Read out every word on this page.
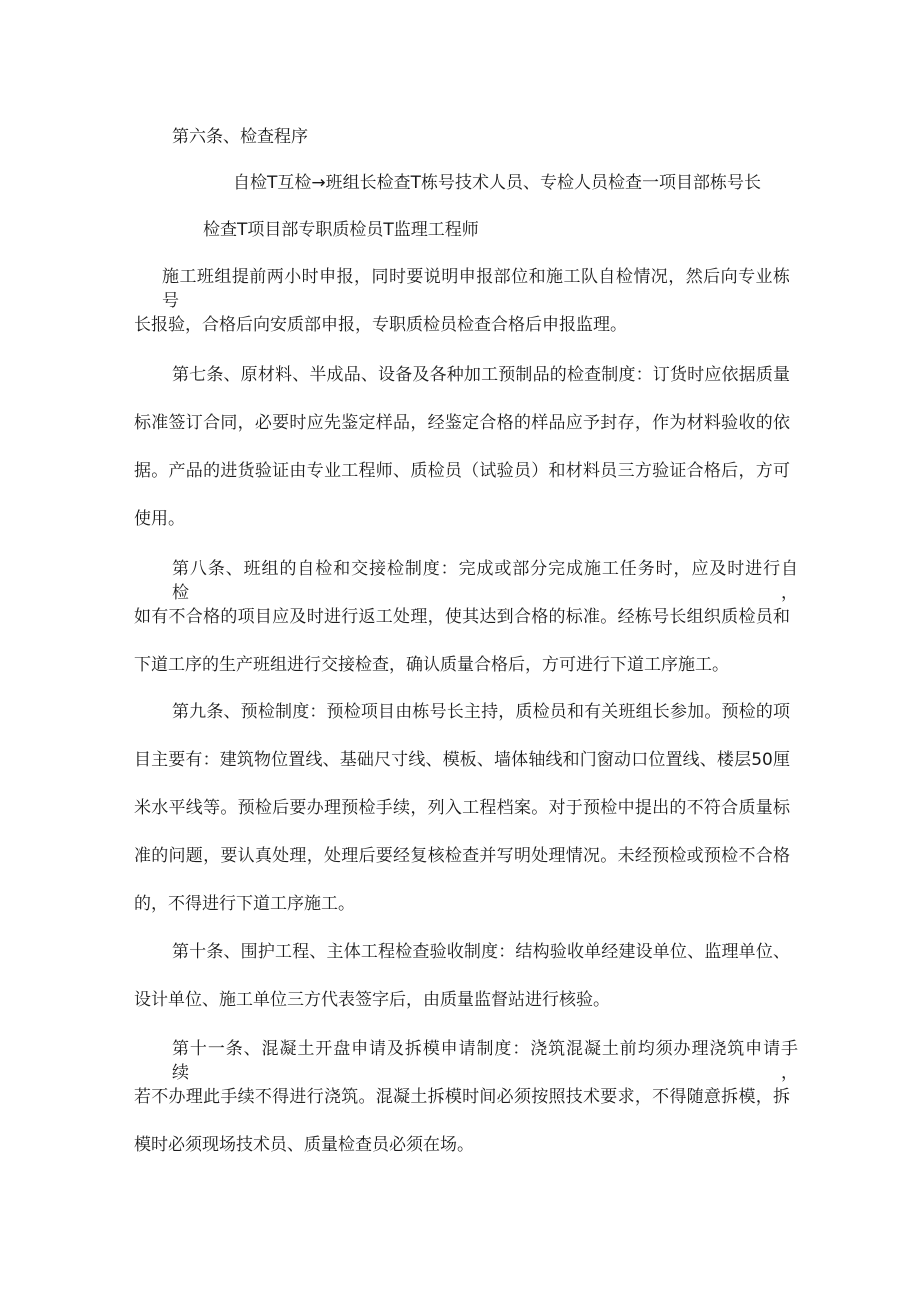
第六条、检查程序
自检T互检→班组长检查T栋号技术人员、专检人员检查一项目部栋号长
检查T项目部专职质检员T监理工程师
施工班组提前两小时申报，同时要说明申报部位和施工队自检情况，然后向专业栋号
长报验，合格后向安质部申报，专职质检员检查合格后申报监理。
第七条、原材料、半成品、设备及各种加工预制品的检查制度：订货时应依据质量
标准签订合同，必要时应先鉴定样品，经鉴定合格的样品应予封存，作为材料验收的依
据。产品的进货验证由专业工程师、质检员（试验员）和材料员三方验证合格后，方可
使用。
第八条、班组的自检和交接检制度：完成或部分完成施工任务时，应及时进行自检，
如有不合格的项目应及时进行返工处理，使其达到合格的标准。经栋号长组织质检员和
下道工序的生产班组进行交接检查，确认质量合格后，方可进行下道工序施工。
第九条、预检制度：预检项目由栋号长主持，质检员和有关班组长参加。预检的项
目主要有：建筑物位置线、基础尺寸线、模板、墙体轴线和门窗动口位置线、楼层50厘
米水平线等。预检后要办理预检手续，列入工程档案。对于预检中提出的不符合质量标
准的问题，要认真处理，处理后要经复核检查并写明处理情况。未经预检或预检不合格
的，不得进行下道工序施工。
第十条、围护工程、主体工程检查验收制度：结构验收单经建设单位、监理单位、
设计单位、施工单位三方代表签字后，由质量监督站进行核验。
第十一条、混凝土开盘申请及拆模申请制度：浇筑混凝土前均须办理浇筑申请手续，
若不办理此手续不得进行浇筑。混凝土拆模时间必须按照技术要求，不得随意拆模，拆
模时必须现场技术员、质量检查员必须在场。
